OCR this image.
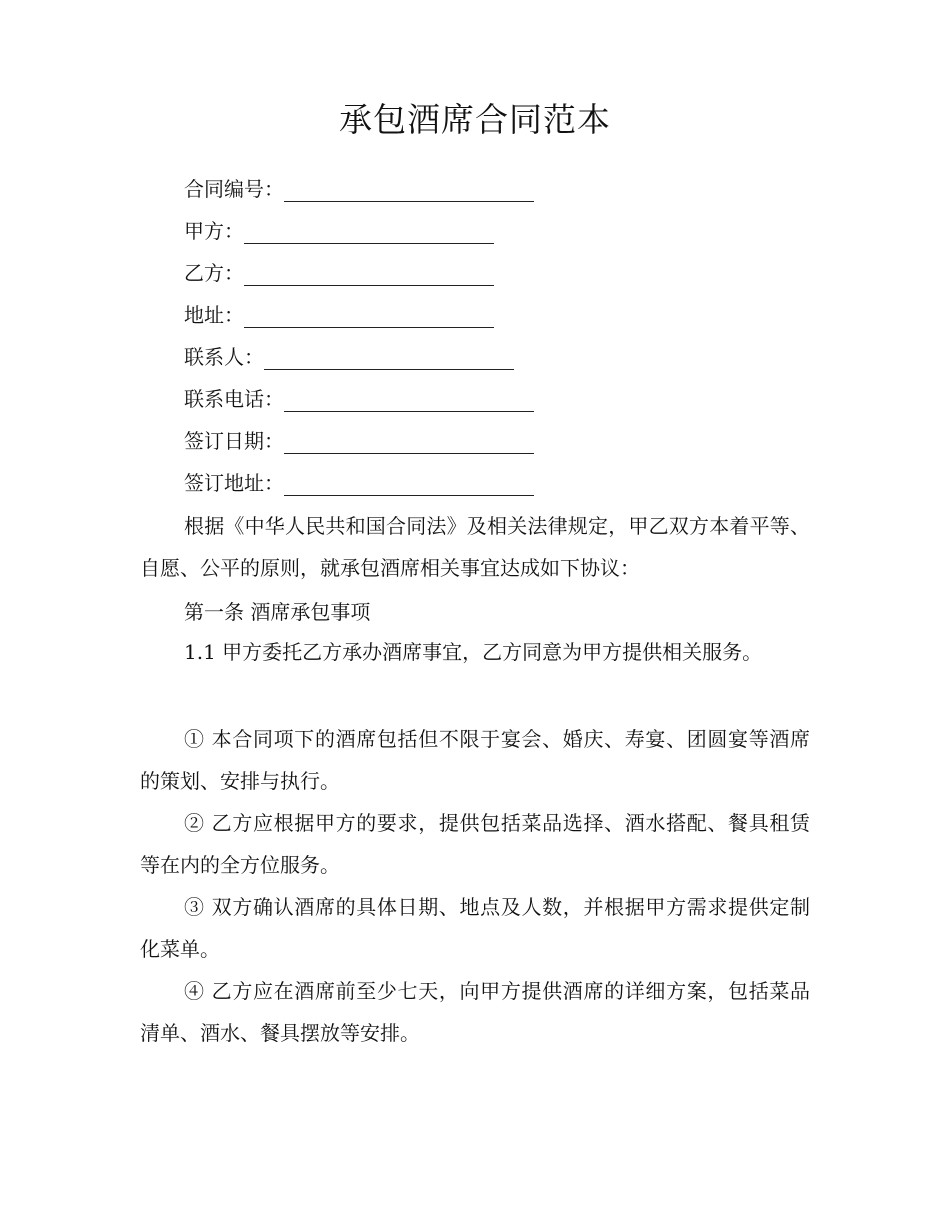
承包酒席合同范本
合同编号：
甲方：
乙方：
地址：
联系人：
联系电话：
签订日期：
签订地址：
根据《中华人民共和国合同法》及相关法律规定，甲乙双方本着平等、自愿、公平的原则，就承包酒席相关事宜达成如下协议：
第一条 酒席承包事项
1.1 甲方委托乙方承办酒席事宜，乙方同意为甲方提供相关服务。
① 本合同项下的酒席包括但不限于宴会、婚庆、寿宴、团圆宴等酒席的策划、安排与执行。
② 乙方应根据甲方的要求，提供包括菜品选择、酒水搭配、餐具租赁等在内的全方位服务。
③ 双方确认酒席的具体日期、地点及人数，并根据甲方需求提供定制化菜单。
④ 乙方应在酒席前至少七天，向甲方提供酒席的详细方案，包括菜品清单、酒水、餐具摆放等安排。
